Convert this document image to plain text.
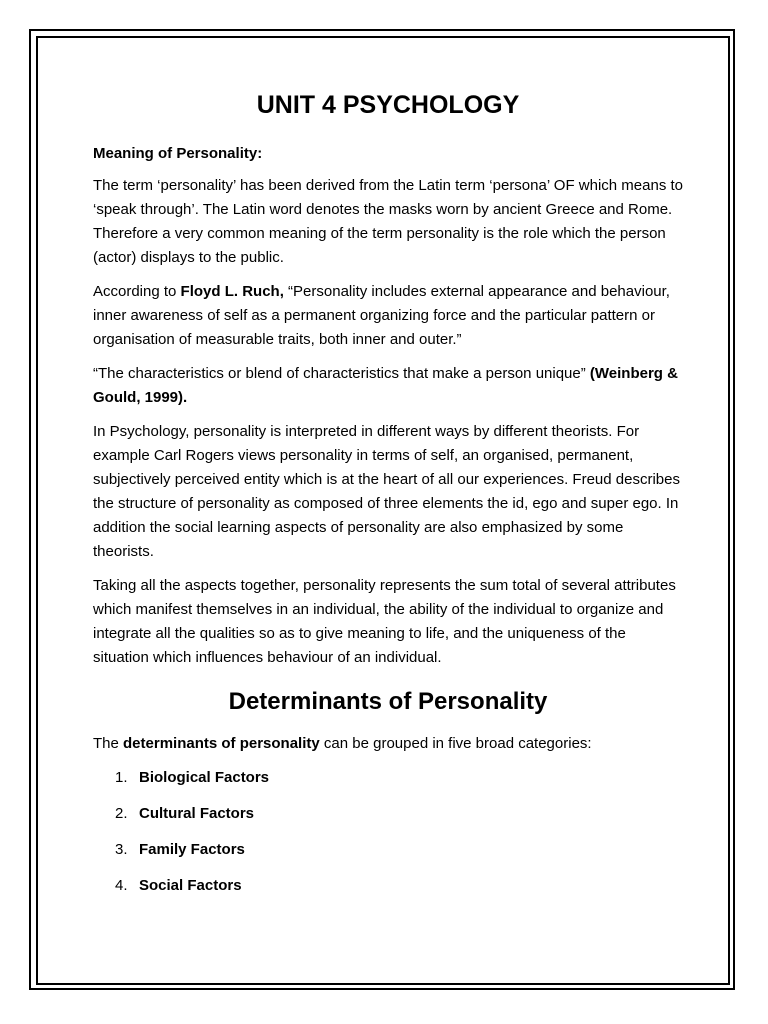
UNIT 4 PSYCHOLOGY
Meaning of Personality:

The term ‘personality’ has been derived from the Latin term ‘persona’ OF which means to ‘speak through’. The Latin word denotes the masks worn by ancient Greece and Rome. Therefore a very common meaning of the term personality is the role which the person (actor) displays to the public.

According to Floyd L. Ruch, “Personality includes external appearance and behaviour, inner awareness of self as a permanent organizing force and the particular pattern or organisation of measurable traits, both inner and outer.”

“The characteristics or blend of characteristics that make a person unique” (Weinberg & Gould, 1999).

In Psychology, personality is interpreted in different ways by different theorists. For example Carl Rogers views personality in terms of self, an organised, permanent, subjectively perceived entity which is at the heart of all our experiences. Freud describes the structure of personality as composed of three elements the id, ego and super ego. In addition the social learning aspects of personality are also emphasized by some theorists.

Taking all the aspects together, personality represents the sum total of several attributes which manifest themselves in an individual, the ability of the individual to organize and integrate all the qualities so as to give meaning to life, and the uniqueness of the situation which influences behaviour of an individual.

Determinants of Personality

The determinants of personality can be grouped in five broad categories:

1. Biological Factors
2. Cultural Factors
3. Family Factors
4. Social Factors
